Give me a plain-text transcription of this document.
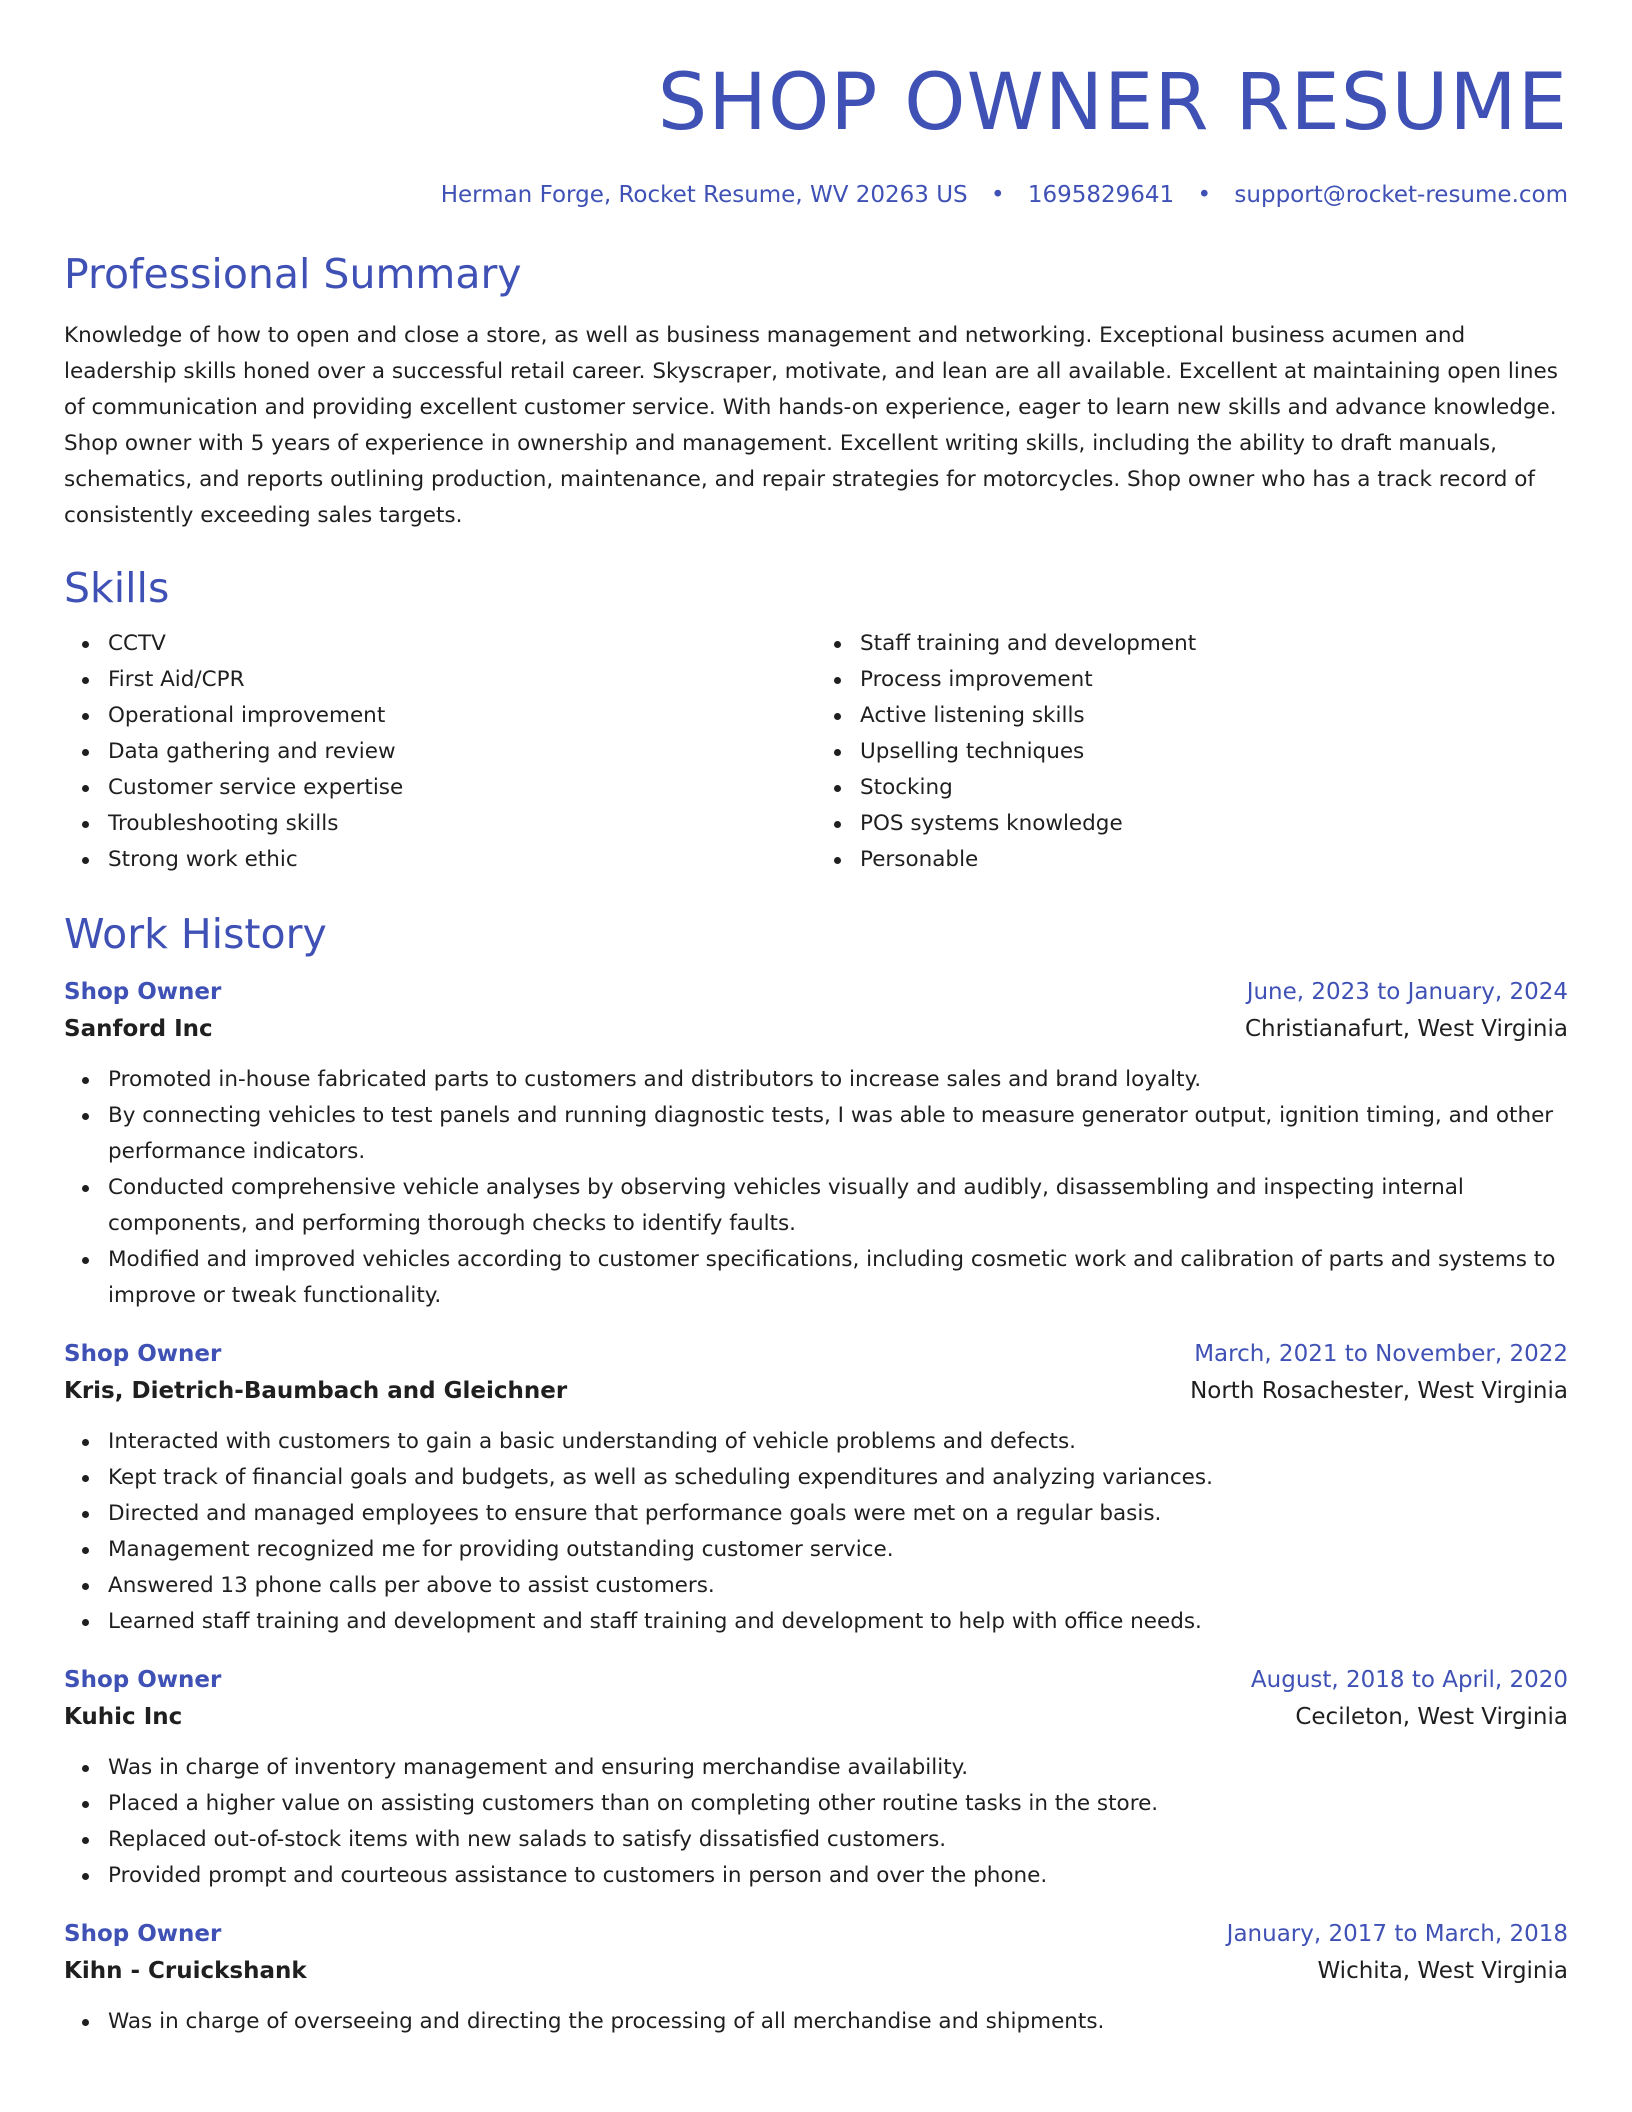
SHOP OWNER RESUME
Herman Forge, Rocket Resume, WV 20263 US • 1695829641 • support@rocket-resume.com
Professional Summary

Knowledge of how to open and close a store, as well as business management and networking. Exceptional business acumen and leadership skills honed over a successful retail career. Skyscraper, motivate, and lean are all available. Excellent at maintaining open lines of communication and providing excellent customer service. With hands-on experience, eager to learn new skills and advance knowledge. Shop owner with 5 years of experience in ownership and management. Excellent writing skills, including the ability to draft manuals, schematics, and reports outlining production, maintenance, and repair strategies for motorcycles. Shop owner who has a track record of consistently exceeding sales targets.

Skills
CCTV
First Aid/CPR
Operational improvement
Data gathering and review
Customer service expertise
Troubleshooting skills
Strong work ethic
Staff training and development
Process improvement
Active listening skills
Upselling techniques
Stocking
POS systems knowledge
Personable
Work History
Shop Owner	June, 2023 to January, 2024
Sanford Inc	Christianafurt, West Virginia
Promoted in-house fabricated parts to customers and distributors to increase sales and brand loyalty.
By connecting vehicles to test panels and running diagnostic tests, I was able to measure generator output, ignition timing, and other performance indicators.
Conducted comprehensive vehicle analyses by observing vehicles visually and audibly, disassembling and inspecting internal components, and performing thorough checks to identify faults.
Modified and improved vehicles according to customer specifications, including cosmetic work and calibration of parts and systems to improve or tweak functionality.
Shop Owner	March, 2021 to November, 2022
Kris, Dietrich-Baumbach and Gleichner	North Rosachester, West Virginia
Interacted with customers to gain a basic understanding of vehicle problems and defects.
Kept track of financial goals and budgets, as well as scheduling expenditures and analyzing variances.
Directed and managed employees to ensure that performance goals were met on a regular basis.
Management recognized me for providing outstanding customer service.
Answered 13 phone calls per above to assist customers.
Learned staff training and development and staff training and development to help with office needs.
Shop Owner	August, 2018 to April, 2020
Kuhic Inc	Cecileton, West Virginia
Was in charge of inventory management and ensuring merchandise availability.
Placed a higher value on assisting customers than on completing other routine tasks in the store.
Replaced out-of-stock items with new salads to satisfy dissatisfied customers.
Provided prompt and courteous assistance to customers in person and over the phone.
Shop Owner	January, 2017 to March, 2018
Kihn - Cruickshank	Wichita, West Virginia
Was in charge of overseeing and directing the processing of all merchandise and shipments.
